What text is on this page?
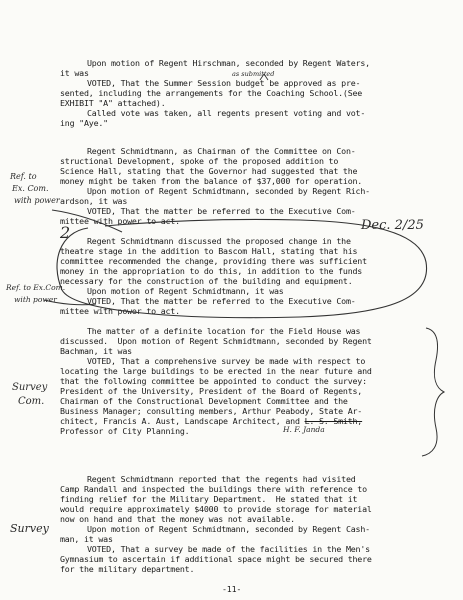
Upon motion of Regent Hirschman, seconded by Regent Waters,
it was
VOTED, That the Summer Session budget be approved as pre-
sented, including the arrangements for the Coaching School.(See
EXHIBIT "A" attached).
Called vote was taken, all regents present voting and vot-
ing "Aye."
Regent Schmidtmann, as Chairman of the Committee on Con-
structional Development, spoke of the proposed addition to
Science Hall, stating that the Governor had suggested that the
money might be taken from the balance of $37,000 for operation.
Upon motion of Regent Schmidtmann, seconded by Regent Rich-
ardson, it was
VOTED, That the matter be referred to the Executive Com-
mittee with power to act.
Regent Schmidtmann discussed the proposed change in the
theatre stage in the addition to Bascom Hall, stating that his
committee recommended the change, providing there was sufficient
money in the appropriation to do this, in addition to the funds
necessary for the construction of the building and equipment.
Upon motion of Regent Schmidtmann, it was
VOTED, That the matter be referred to the Executive Com-
mittee with power to act.
The matter of a definite location for the Field House was
discussed.  Upon motion of Regent Schmidtmann, seconded by Regent
Bachman, it was
VOTED, That a comprehensive survey be made with respect to
locating the large buildings to be erected in the near future and
that the following committee be appointed to conduct the survey:
President of the University, President of the Board of Regents,
Chairman of the Constructional Development Committee and the
Business Manager; consulting members, Arthur Peabody, State Ar-
chitect, Francis A. Aust, Landscape Architect, and L. S. Smith,
Professor of City Planning.
Regent Schmidtmann reported that the regents had visited
Camp Randall and inspected the buildings there with reference to
finding relief for the Military Department.  He stated that it
would require approximately $4000 to provide storage for material
now on hand and that the money was not available.
Upon motion of Regent Schmidtmann, seconded by Regent Cash-
man, it was
VOTED, That a survey be made of the facilities in the Men's
Gymnasium to ascertain if additional space might be secured there
for the military department.
-11-
as submitted
Ref. to
Ex. Com.
with power
2	Dec. 2/25
Ref. to Ex.Com.
with power
Survey
Com.
H. F. Janda
Survey
